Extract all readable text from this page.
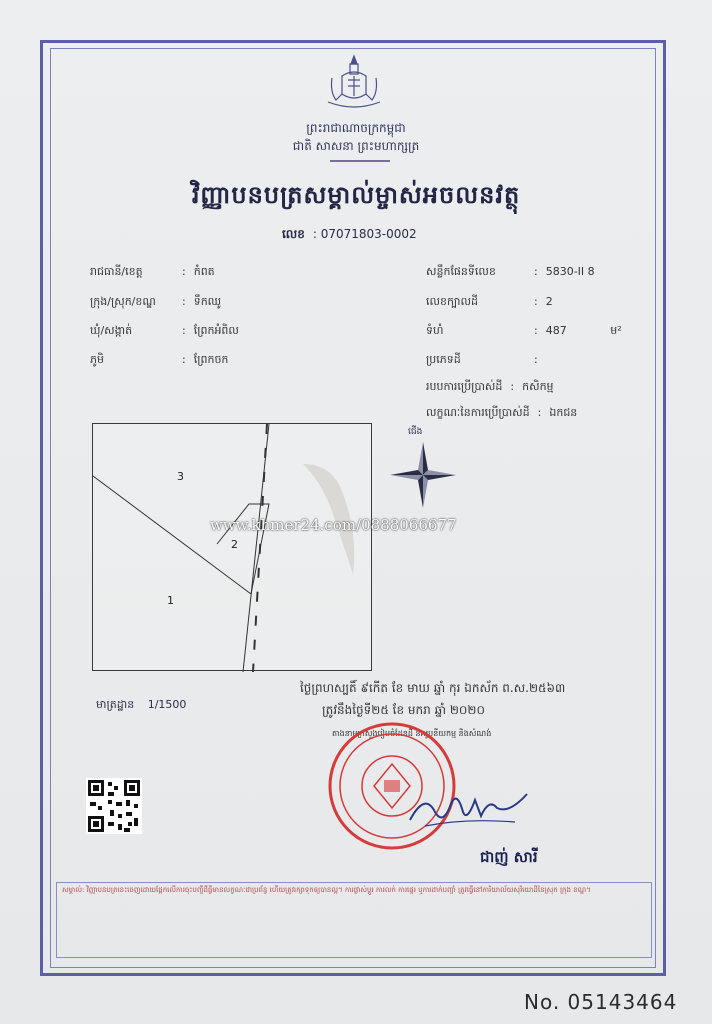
ព្រះរាជាណាចក្រកម្ពុជា
ជាតិ សាសនា ព្រះមហាក្សត្រ
វិញ្ញាបនបត្រសម្គាល់ម្ចាស់អចលនវត្ថុ
លេខ : 07071803-0002
រាជធានី/ខេត្ត	: កំពត
ក្រុង/ស្រុក/ខណ្ឌ : ទឹកឈូ
ឃុំ/សង្កាត់	: ព្រែកអំពិល
ភូមិ	: ព្រែកចក
សន្លឹកផែនទីលេខ	: 5830-II 8
លេខក្បាលដី	: 2
ទំហំ	: 487	ម²
ប្រភេទដី	:
របបការប្រើប្រាស់ដី : កសិកម្ម
លក្ខណៈនៃការប្រើប្រាស់ដី : ឯកជន
3
2
1
ជើង
មាត្រដ្ឋាន 1/1500
ថ្ងៃព្រហស្បតិ៍ ៩កើត ខែ មាឃ ឆ្នាំ កុរ ឯកស័ក ព.ស.២៥៦៣
ត្រូវនឹងថ្ងៃទី២៥ ខែ មករា ឆ្នាំ ២០២០
តាងនាមក្រសួងរៀបចំដែនដី នគរូបនីយកម្ម និងសំណង់
ជាញ់ សារី
សម្គាល់: វិញ្ញាបនបត្រនេះចេញដោយផ្អែកលើការចុះបញ្ជីដីធ្លីមានលក្ខណៈជាប្រព័ន្ធ ហើយត្រូវរក្សាទុកឲ្យបានល្អ។ ការផ្លាស់ប្តូរ ការលក់ ការផ្ទេរ ឬការដាក់បញ្ចាំ ត្រូវធ្វើនៅការិយាល័យសុរិយោដីនៃស្រុក ក្រុង ខណ្ឌ។
www.khmer24.com/0888066677
No. 05143464
